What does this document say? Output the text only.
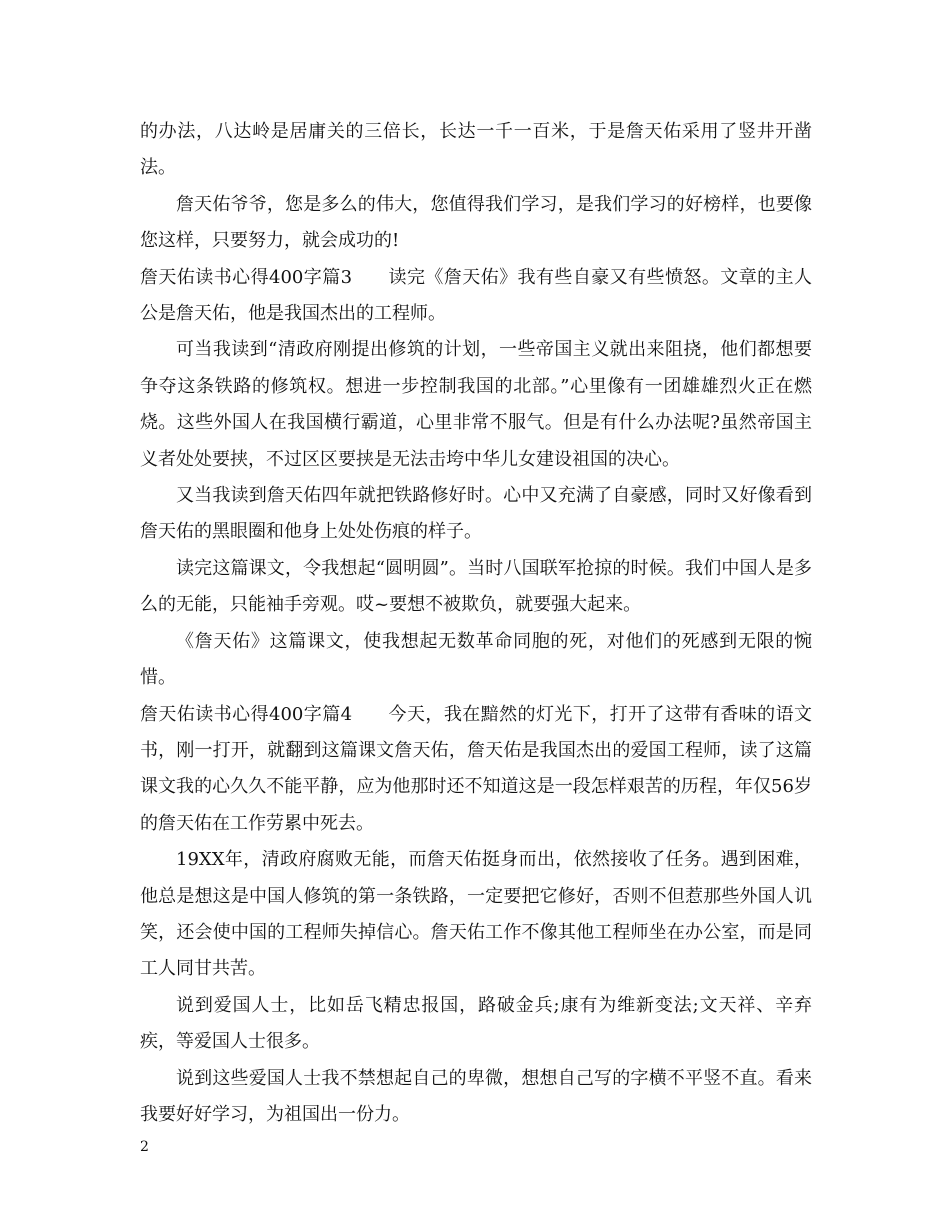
的办法，八达岭是居庸关的三倍长，长达一千一百米，于是詹天佑采用了竖井开凿法。

詹天佑爷爷，您是多么的伟大，您值得我们学习，是我们学习的好榜样，也要像您这样，只要努力，就会成功的!

詹天佑读书心得400字篇3 读完《詹天佑》我有些自豪又有些愤怒。文章的主人公是詹天佑，他是我国杰出的工程师。

可当我读到“清政府刚提出修筑的计划，一些帝国主义就出来阻挠，他们都想要争夺这条铁路的修筑权。想进一步控制我国的北部。”心里像有一团雄雄烈火正在燃烧。这些外国人在我国横行霸道，心里非常不服气。但是有什么办法呢?虽然帝国主义者处处要挟，不过区区要挟是无法击垮中华儿女建设祖国的决心。

又当我读到詹天佑四年就把铁路修好时。心中又充满了自豪感，同时又好像看到詹天佑的黑眼圈和他身上处处伤痕的样子。

读完这篇课文，令我想起“圆明圆”。当时八国联军抢掠的时候。我们中国人是多么的无能，只能袖手旁观。哎~要想不被欺负，就要强大起来。

《詹天佑》这篇课文，使我想起无数革命同胞的死，对他们的死感到无限的惋惜。

詹天佑读书心得400字篇4 今天，我在黯然的灯光下，打开了这带有香味的语文书，刚一打开，就翻到这篇课文詹天佑，詹天佑是我国杰出的爱国工程师，读了这篇课文我的心久久不能平静，应为他那时还不知道这是一段怎样艰苦的历程，年仅56岁的詹天佑在工作劳累中死去。

19XX年，清政府腐败无能，而詹天佑挺身而出，依然接收了任务。遇到困难，他总是想这是中国人修筑的第一条铁路，一定要把它修好，否则不但惹那些外国人讥笑，还会使中国的工程师失掉信心。詹天佑工作不像其他工程师坐在办公室，而是同工人同甘共苦。

说到爱国人士，比如岳飞精忠报国，路破金兵;康有为维新变法;文天祥、辛弃疾，等爱国人士很多。

说到这些爱国人士我不禁想起自己的卑微，想想自己写的字横不平竖不直。看来我要好好学习，为祖国出一份力。

2
